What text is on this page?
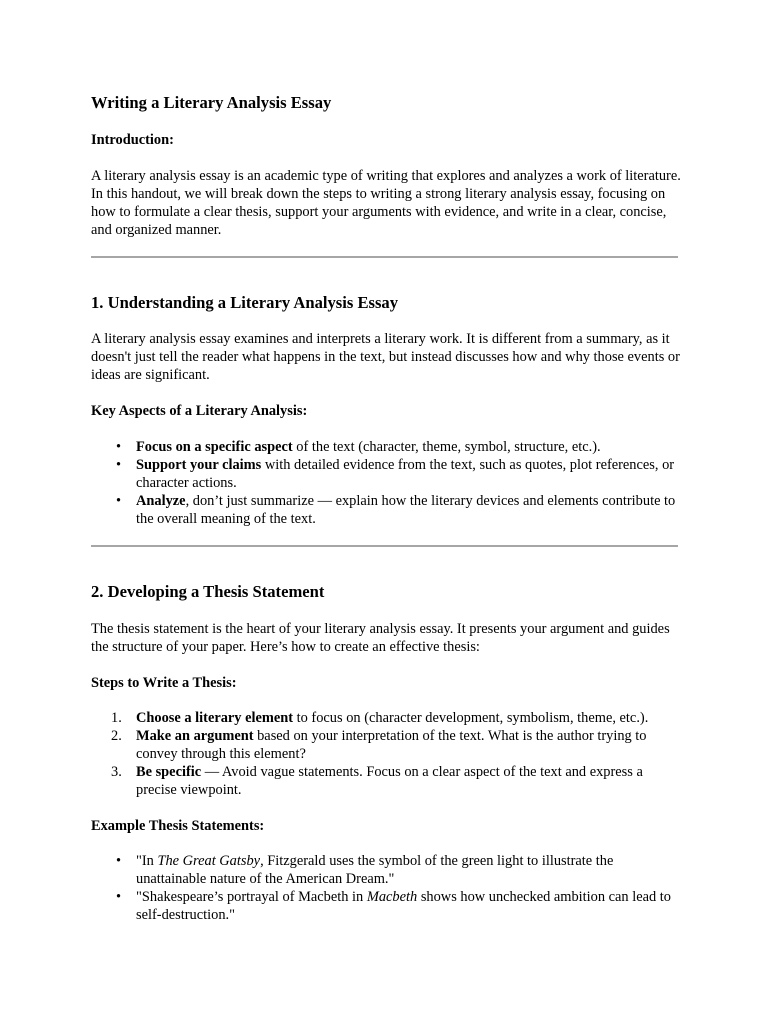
Writing a Literary Analysis Essay
Introduction:

A literary analysis essay is an academic type of writing that explores and analyzes a work of literature. In this handout, we will break down the steps to writing a strong literary analysis essay, focusing on how to formulate a clear thesis, support your arguments with evidence, and write in a clear, concise, and organized manner.

1. Understanding a Literary Analysis Essay

A literary analysis essay examines and interprets a literary work. It is different from a summary, as it doesn't just tell the reader what happens in the text, but instead discusses how and why those events or ideas are significant.

Key Aspects of a Literary Analysis:
• Focus on a specific aspect of the text (character, theme, symbol, structure, etc.).
• Support your claims with detailed evidence from the text, such as quotes, plot references, or character actions.
• Analyze, don’t just summarize — explain how the literary devices and elements contribute to the overall meaning of the text.
2. Developing a Thesis Statement

The thesis statement is the heart of your literary analysis essay. It presents your argument and guides the structure of your paper. Here’s how to create an effective thesis:

Steps to Write a Thesis:
1. Choose a literary element to focus on (character development, symbolism, theme, etc.).
2. Make an argument based on your interpretation of the text. What is the author trying to convey through this element?
3. Be specific — Avoid vague statements. Focus on a clear aspect of the text and express a precise viewpoint.
Example Thesis Statements:
• "In The Great Gatsby, Fitzgerald uses the symbol of the green light to illustrate the unattainable nature of the American Dream."
• "Shakespeare’s portrayal of Macbeth in Macbeth shows how unchecked ambition can lead to self-destruction."
